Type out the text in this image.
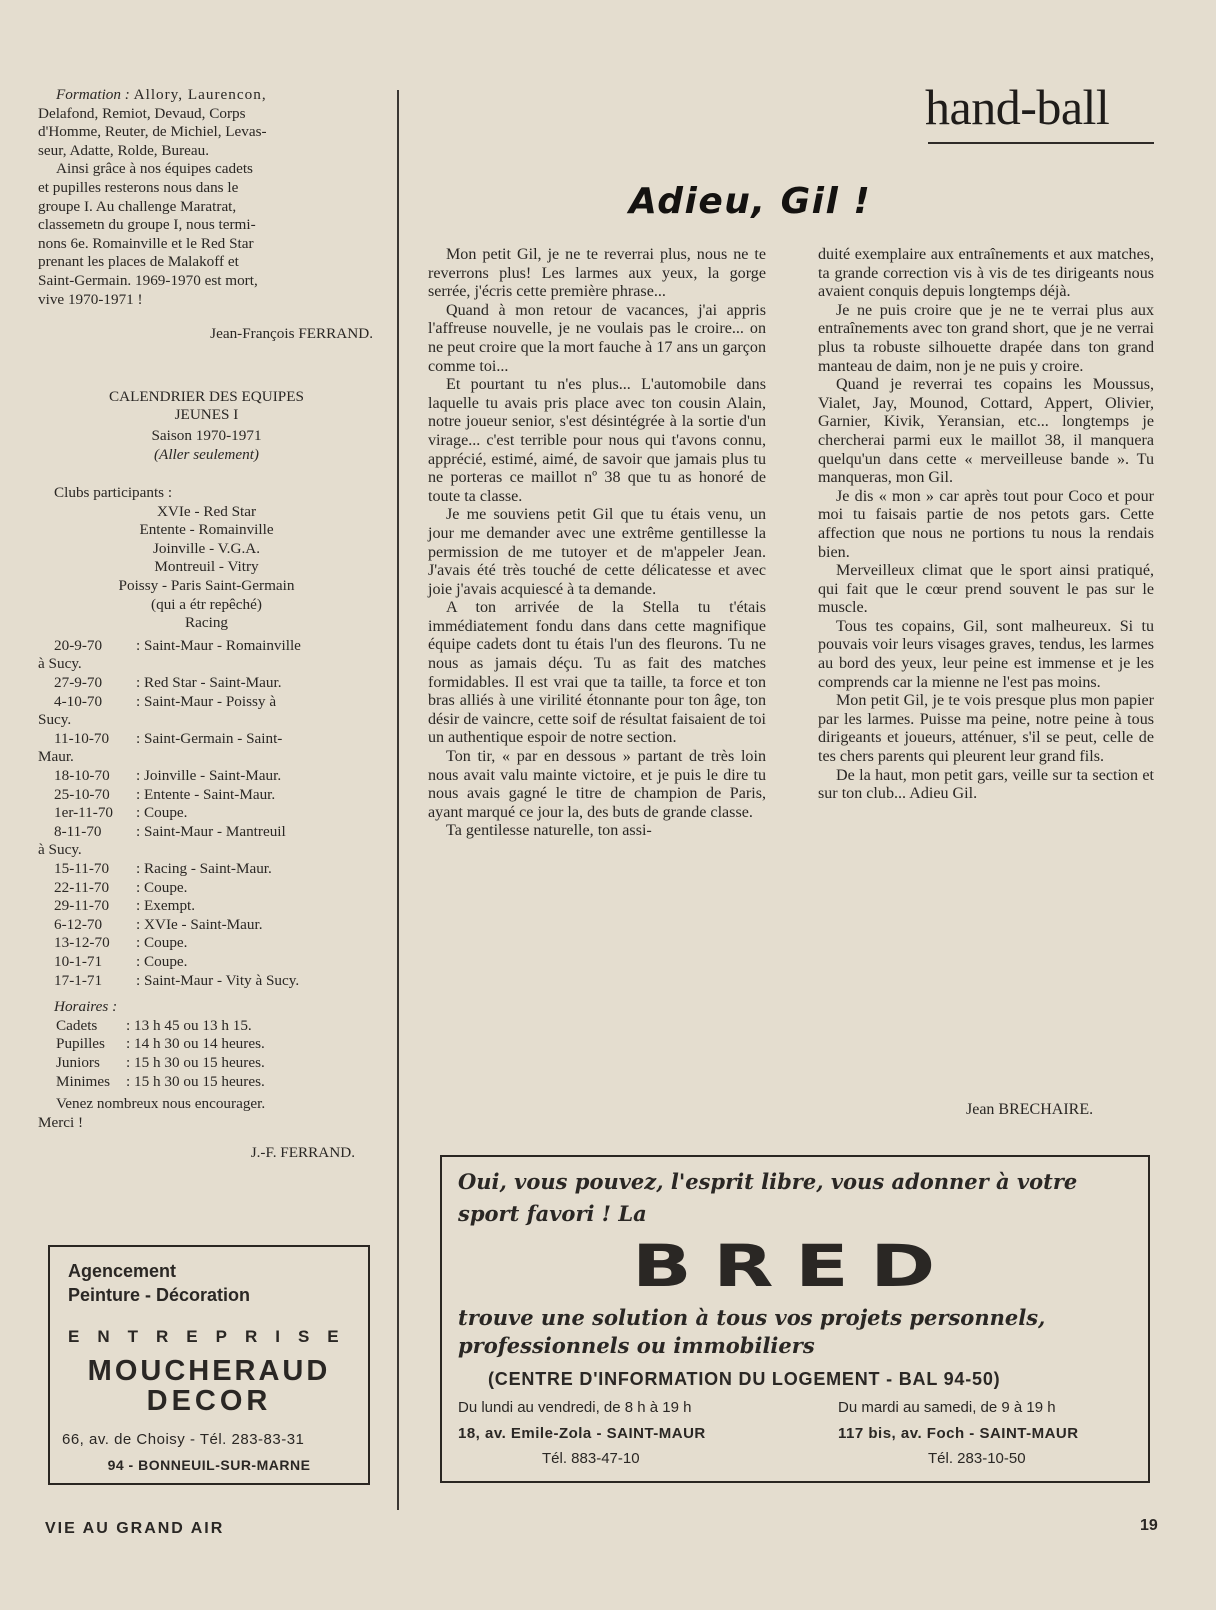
Formation : Allory, Laurencon,

Delafond, Remiot, Devaud, Corps

d'Homme, Reuter, de Michiel, Levas-

seur, Adatte, Rolde, Bureau.

Ainsi grâce à nos équipes cadets

et pupilles resterons nous dans le

groupe I. Au challenge Maratrat,

classemetn du groupe I, nous termi-

nons 6e. Romainville et le Red Star

prenant les places de Malakoff et

Saint-Germain. 1969-1970 est mort,

vive 1970-1971 !

Jean-François FERRAND.

CALENDRIER DES EQUIPES

JEUNES I

Saison 1970-1971

(Aller seulement)

Clubs participants :

XVIe - Red Star

Entente - Romainville

Joinville - V.G.A.

Montreuil - Vitry

Poissy - Paris Saint-Germain

(qui a étr repêché)

Racing

20-9-70	: Saint-Maur - Romainville
à Sucy.
27-9-70	: Red Star - Saint-Maur.
4-10-70	: Saint-Maur - Poissy à
Sucy.
11-10-70	: Saint-Germain - Saint-
Maur.
18-10-70	: Joinville - Saint-Maur.
25-10-70	: Entente - Saint-Maur.
1er-11-70	: Coupe.
8-11-70	: Saint-Maur - Mantreuil
à Sucy.
15-11-70	: Racing - Saint-Maur.
22-11-70	: Coupe.
29-11-70	: Exempt.
6-12-70	: XVIe - Saint-Maur.
13-12-70	: Coupe.
10-1-71	: Coupe.
17-1-71	: Saint-Maur - Vity à Sucy.

Horaires :

Cadets	: 13 h 45 ou 13 h 15.
Pupilles	: 14 h 30 ou 14 heures.
Juniors	: 15 h 30 ou 15 heures.
Minimes	: 15 h 30 ou 15 heures.

Venez nombreux nous encourager.

Merci !

J.-F. FERRAND.

hand-ball
Adieu, Gil !

Mon petit Gil, je ne te reverrai plus, nous ne te reverrons plus! Les larmes aux yeux, la gorge serrée, j'écris cette première phrase...

Quand à mon retour de vacances, j'ai appris l'affreuse nouvelle, je ne voulais pas le croire... on ne peut croire que la mort fauche à 17 ans un garçon comme toi...

Et pourtant tu n'es plus... L'automobile dans laquelle tu avais pris place avec ton cousin Alain, notre joueur senior, s'est désintégrée à la sortie d'un virage... c'est terrible pour nous qui t'avons connu, apprécié, estimé, aimé, de savoir que jamais plus tu ne porteras ce maillot nº 38 que tu as honoré de toute ta classe.

Je me souviens petit Gil que tu étais venu, un jour me demander avec une extrême gentillesse la permission de me tutoyer et de m'appeler Jean. J'avais été très touché de cette délicatesse et avec joie j'avais acquiescé à ta demande.

A ton arrivée de la Stella tu t'étais immédiatement fondu dans dans cette magnifique équipe cadets dont tu étais l'un des fleurons. Tu ne nous as jamais déçu. Tu as fait des matches formidables. Il est vrai que ta taille, ta force et ton bras alliés à une virilité étonnante pour ton âge, ton désir de vaincre, cette soif de résultat faisaient de toi un authentique espoir de notre section.

Ton tir, « par en dessous » partant de très loin nous avait valu mainte victoire, et je puis le dire tu nous avais gagné le titre de champion de Paris, ayant marqué ce jour la, des buts de grande classe.

Ta gentilesse naturelle, ton assi-

duité exemplaire aux entraînements et aux matches, ta grande correction vis à vis de tes dirigeants nous avaient conquis depuis longtemps déjà.

Je ne puis croire que je ne te verrai plus aux entraînements avec ton grand short, que je ne verrai plus ta robuste silhouette drapée dans ton grand manteau de daim, non je ne puis y croire.

Quand je reverrai tes copains les Moussus, Vialet, Jay, Mounod, Cottard, Appert, Olivier, Garnier, Kivik, Yeransian, etc... longtemps je chercherai parmi eux le maillot 38, il manquera quelqu'un dans cette « merveilleuse bande ». Tu manqueras, mon Gil.

Je dis « mon » car après tout pour Coco et pour moi tu faisais partie de nos petots gars. Cette affection que nous ne portions tu nous la rendais bien.

Merveilleux climat que le sport ainsi pratiqué, qui fait que le cœur prend souvent le pas sur le muscle.

Tous tes copains, Gil, sont malheureux. Si tu pouvais voir leurs visages graves, tendus, les larmes au bord des yeux, leur peine est immense et je les comprends car la mienne ne l'est pas moins.

Mon petit Gil, je te vois presque plus mon papier par les larmes. Puisse ma peine, notre peine à tous dirigeants et joueurs, atténuer, s'il se peut, celle de tes chers parents qui pleurent leur grand fils.

De la haut, mon petit gars, veille sur ta section et sur ton club... Adieu Gil.

Jean BRECHAIRE.
Agencement
Peinture - Décoration
ENTREPRISE
MOUCHERAUD
DECOR
66, av. de Choisy - Tél. 283-83-31
94 - BONNEUIL-SUR-MARNE
Oui, vous pouvez, l'esprit libre, vous adonner à votre
sport favori ! La
BRED
trouve une solution à tous vos projets personnels,
professionnels ou immobiliers
(CENTRE D'INFORMATION DU LOGEMENT - BAL 94-50)
Du lundi au vendredi, de 8 h à 19 h
18, av. Emile-Zola - SAINT-MAUR
Tél. 883-47-10
Du mardi au samedi, de 9 à 19 h
117 bis, av. Foch - SAINT-MAUR
Tél. 283-10-50
VIE AU GRAND AIR	19
